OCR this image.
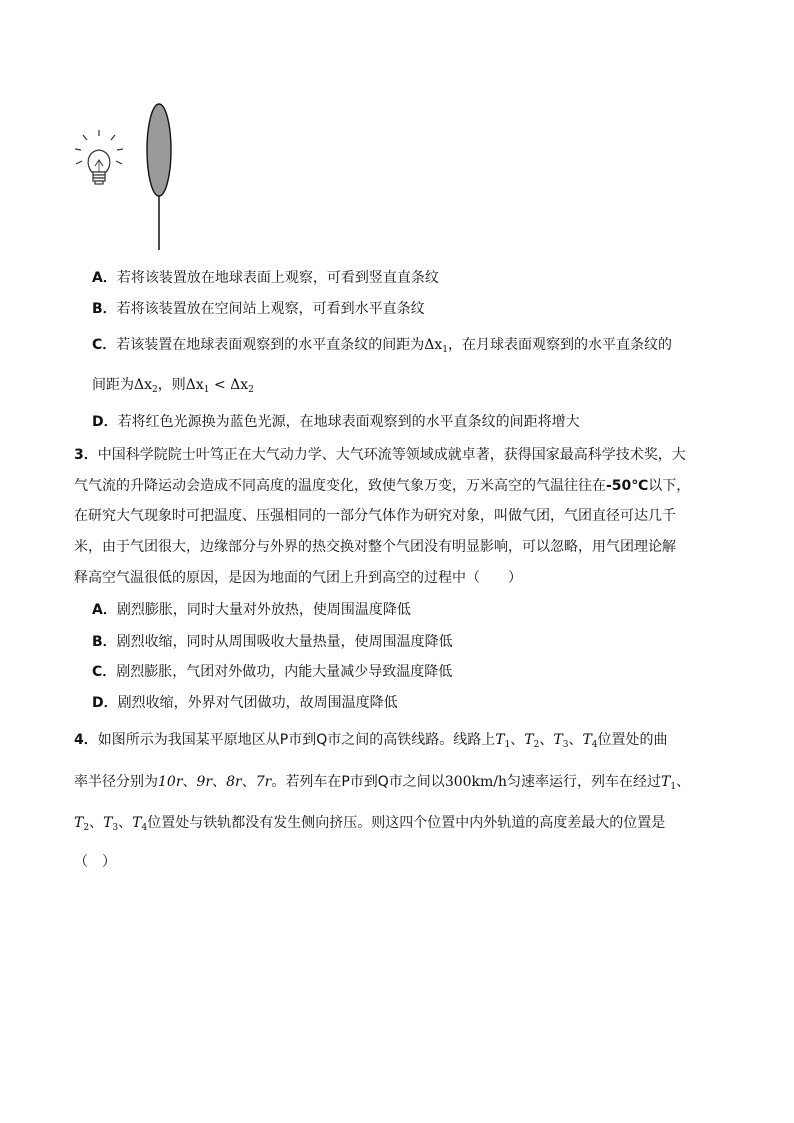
A．若将该装置放在地球表面上观察，可看到竖直直条纹
B．若将该装置放在空间站上观察，可看到水平直条纹
C．若该装置在地球表面观察到的水平直条纹的间距为$\Delta x_1$，在月球表面观察到的水平直条纹的
间距为$\Delta x_2$，则$\Delta x_1 < \Delta x_2$
D．若将红色光源换为蓝色光源，在地球表面观察到的水平直条纹的间距将增大
3．中国科学院院士叶笃正在大气动力学、大气环流等领域成就卓著，获得国家最高科学技术奖，大
气气流的升降运动会造成不同高度的温度变化，致使气象万变，万米高空的气温往往在-50℃以下，
在研究大气现象时可把温度、压强相同的一部分气体作为研究对象，叫做气团，气团直径可达几千
米，由于气团很大，边缘部分与外界的热交换对整个气团没有明显影响，可以忽略，用气团理论解
释高空气温很低的原因，是因为地面的气团上升到高空的过程中（　　）
A．剧烈膨胀，同时大量对外放热，使周围温度降低
B．剧烈收缩，同时从周围吸收大量热量，使周围温度降低
C．剧烈膨胀，气团对外做功，内能大量减少导致温度降低
D．剧烈收缩，外界对气团做功，故周围温度降低
4．如图所示为我国某平原地区从P市到Q市之间的高铁线路。线路上$T_1$、$T_2$、$T_3$、$T_4$位置处的曲
率半径分别为10r、9r、8r、7r。若列车在P市到Q市之间以300km/h匀速率运行，列车在经过$T_1$、
$T_2$、$T_3$、$T_4$位置处与铁轨都没有发生侧向挤压。则这四个位置中内外轨道的高度差最大的位置是
（　）
